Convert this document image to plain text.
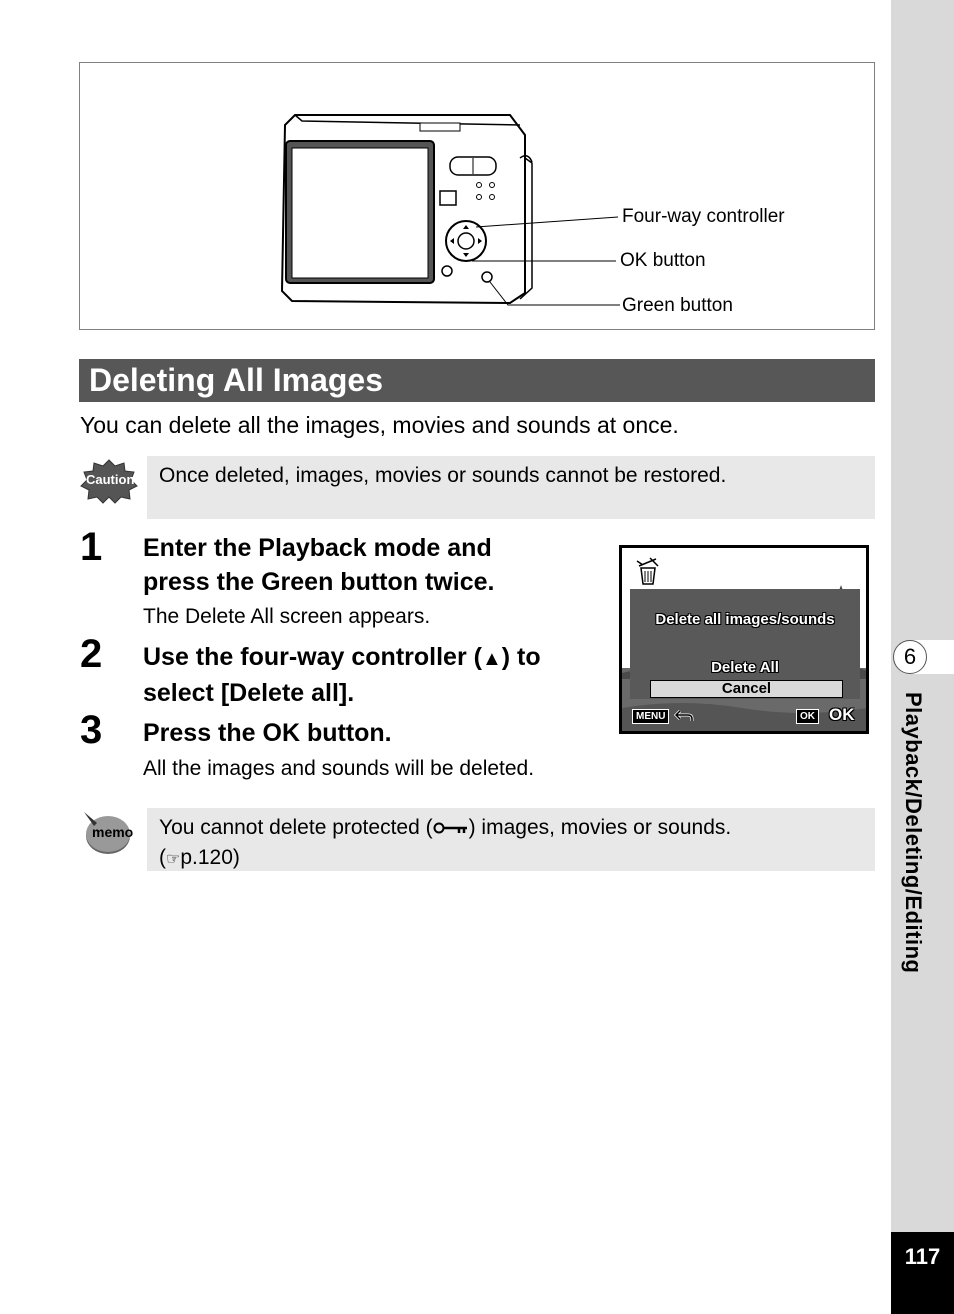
6
Playback/Deleting/Editing
117
Four-way controller
OK button
Green button
Deleting All Images
You can delete all the images, movies and sounds at once.
Caution	Once deleted, images, movies or sounds cannot be restored.
1 Enter the Playback mode and
press the Green button twice.
The Delete All screen appears.
2 Use the four-way controller (▲) to
select [Delete all].
3 Press the OK button.
All the images and sounds will be deleted.
Delete all images/sounds
Delete All
Cancel
MENU	OK OK
memo You cannot delete protected ( ) images, movies or sounds.
(☞p.120)
